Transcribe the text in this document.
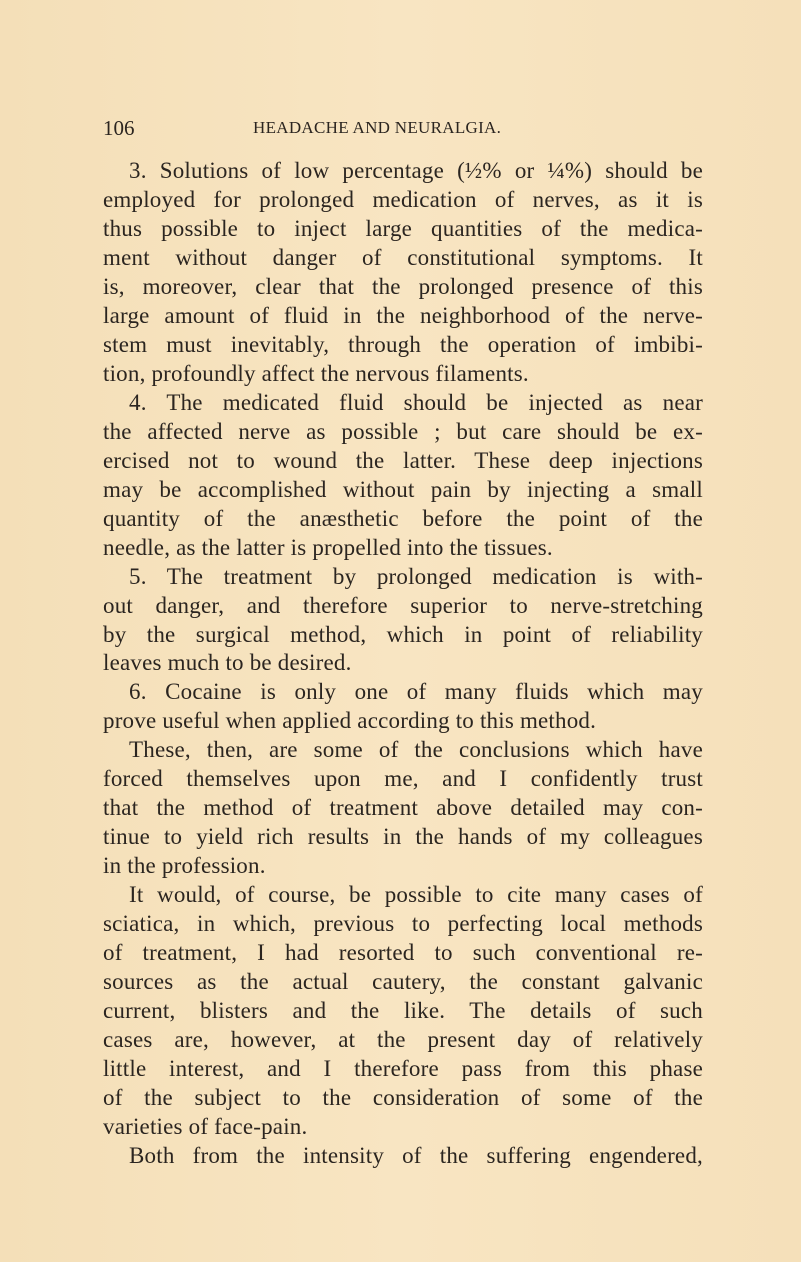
106	HEADACHE AND NEURALGIA.
3. Solutions of low percentage (½% or ¼%) should be
employed for prolonged medication of nerves, as it is
thus possible to inject large quantities of the medica-
ment without danger of constitutional symptoms. It
is, moreover, clear that the prolonged presence of this
large amount of fluid in the neighborhood of the nerve-
stem must inevitably, through the operation of imbibi-
tion, profoundly affect the nervous filaments.
4. The medicated fluid should be injected as near
the affected nerve as possible ; but care should be ex-
ercised not to wound the latter. These deep injections
may be accomplished without pain by injecting a small
quantity of the anæsthetic before the point of the
needle, as the latter is propelled into the tissues.
5. The treatment by prolonged medication is with-
out danger, and therefore superior to nerve-stretching
by the surgical method, which in point of reliability
leaves much to be desired.
6. Cocaine is only one of many fluids which may
prove useful when applied according to this method.
These, then, are some of the conclusions which have
forced themselves upon me, and I confidently trust
that the method of treatment above detailed may con-
tinue to yield rich results in the hands of my colleagues
in the profession.
It would, of course, be possible to cite many cases of
sciatica, in which, previous to perfecting local methods
of treatment, I had resorted to such conventional re-
sources as the actual cautery, the constant galvanic
current, blisters and the like. The details of such
cases are, however, at the present day of relatively
little interest, and I therefore pass from this phase
of the subject to the consideration of some of the
varieties of face-pain.
Both from the intensity of the suffering engendered,
